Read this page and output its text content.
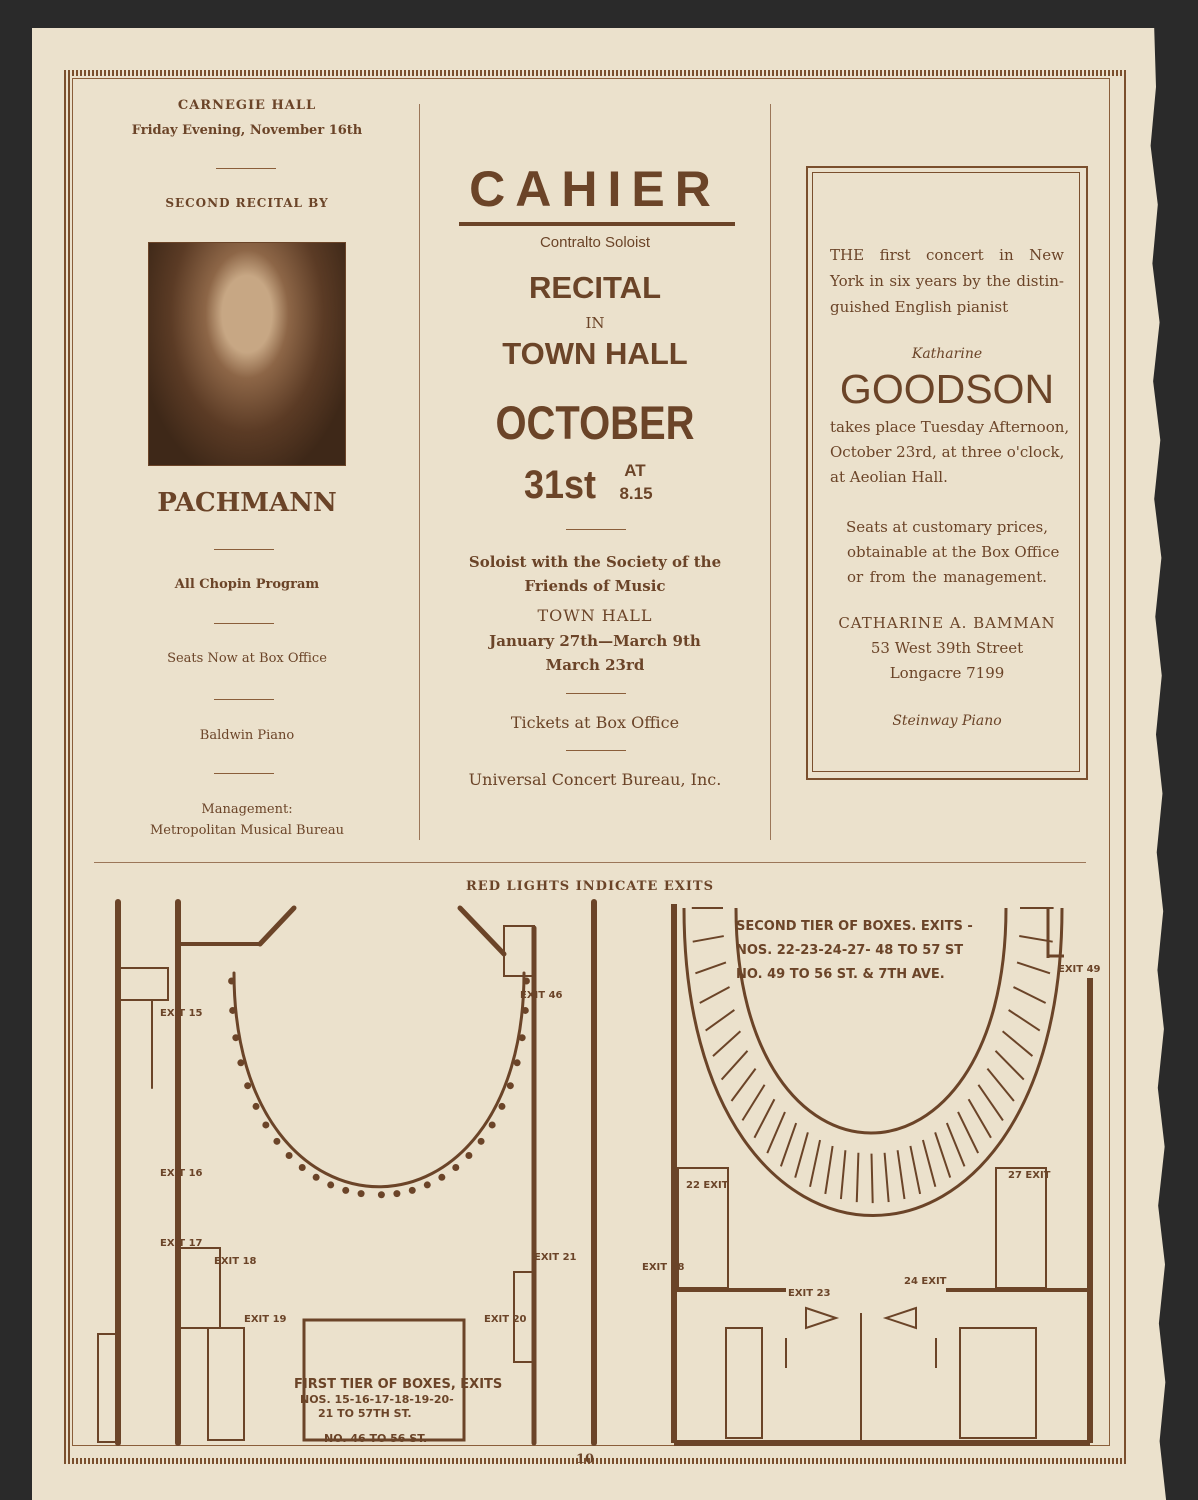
CARNEGIE HALL
Friday Evening, November 16th
SECOND RECITAL BY
PACHMANN
All Chopin Program
Seats Now at Box Office
Baldwin Piano
Management:
Metropolitan Musical Bureau
CAHIER
Contralto Soloist
RECITAL
IN
TOWN HALL
OCTOBER
31st	AT
8.15
Soloist with the Society of the
Friends of Music
TOWN HALL
January 27th—March 9th
March 23rd
Tickets at Box Office
Universal Concert Bureau, Inc.
THE first concert in New
York in six years by the distin-
guished English pianist
Katharine
GOODSON
takes place Tuesday Afternoon,
October 23rd, at three o'clock,
at Aeolian Hall.
Seats at customary prices,
obtainable at the Box Office
or from the management.
CATHARINE A. BAMMAN
53 West 39th Street
Longacre 7199
Steinway Piano
RED LIGHTS INDICATE EXITS
FIRST TIER OF BOXES, EXITS
NOS. 15-16-17-18-19-20-
21 TO 57TH ST.
NO. 46 TO 56 ST.
EXIT 15
EXIT 16
EXIT 17
EXIT 18
EXIT 19	EXIT 20
EXIT 21
EXIT 46
SECOND TIER OF BOXES. EXITS -
NOS. 22-23-24-27- 48 TO 57 ST
NO. 49 TO 56 ST. & 7TH AVE.
22 EXIT
EXIT 23
24 EXIT
27 EXIT
EXIT 48
EXIT 49
10
